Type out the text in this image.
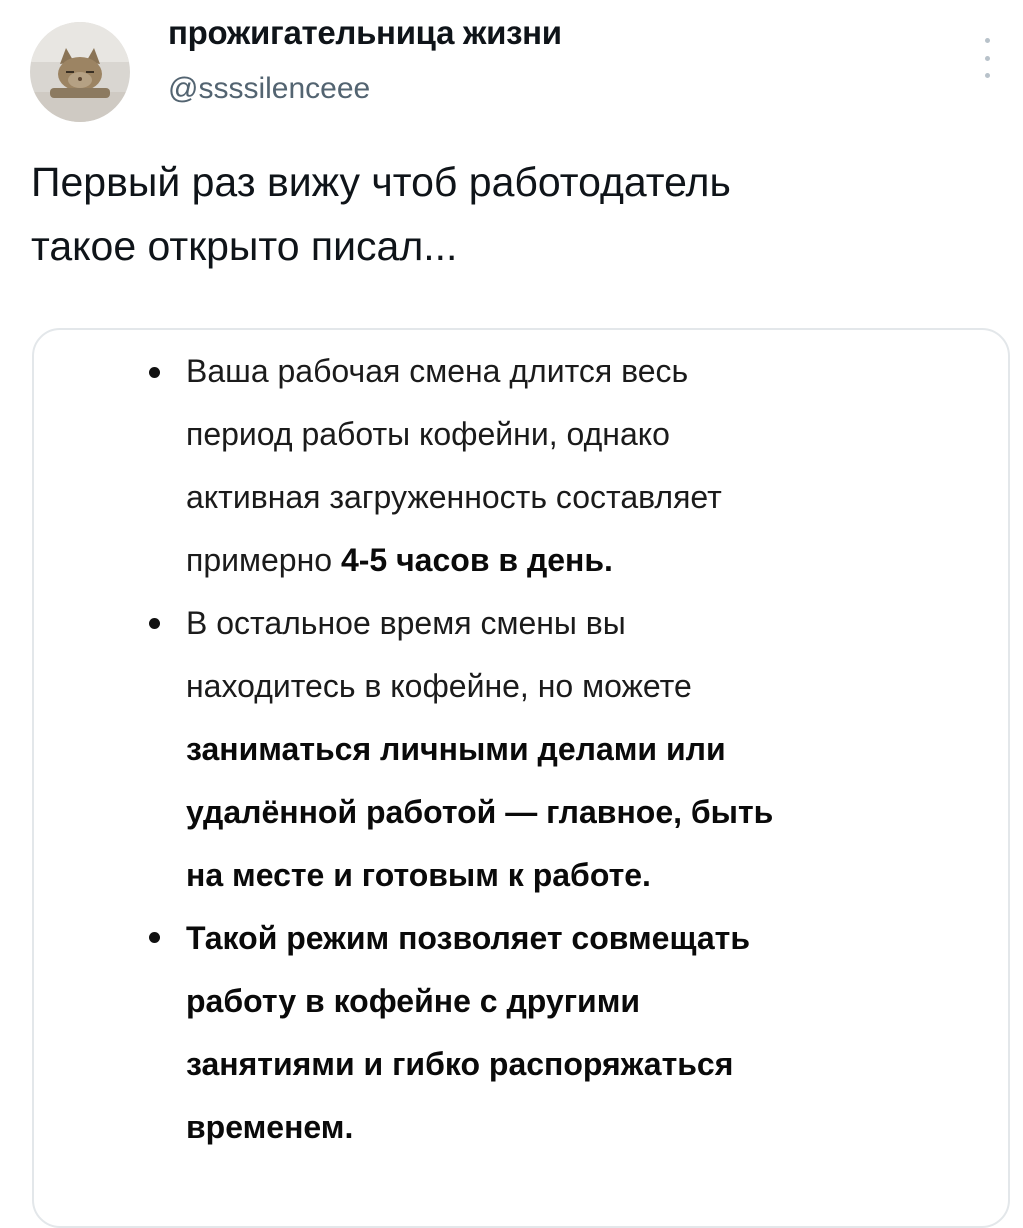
прожигательница жизни
@ssssilenceee
Первый раз вижу чтоб работодатель
такое открыто писал...
Ваша рабочая смена длится весь
период работы кофейни, однако
активная загруженность составляет
примерно 4-5 часов в день.
В остальное время смены вы
находитесь в кофейне, но можете
заниматься личными делами или
удалённой работой — главное, быть
на месте и готовым к работе.
Такой режим позволяет совмещать
работу в кофейне с другими
занятиями и гибко распоряжаться
временем.
